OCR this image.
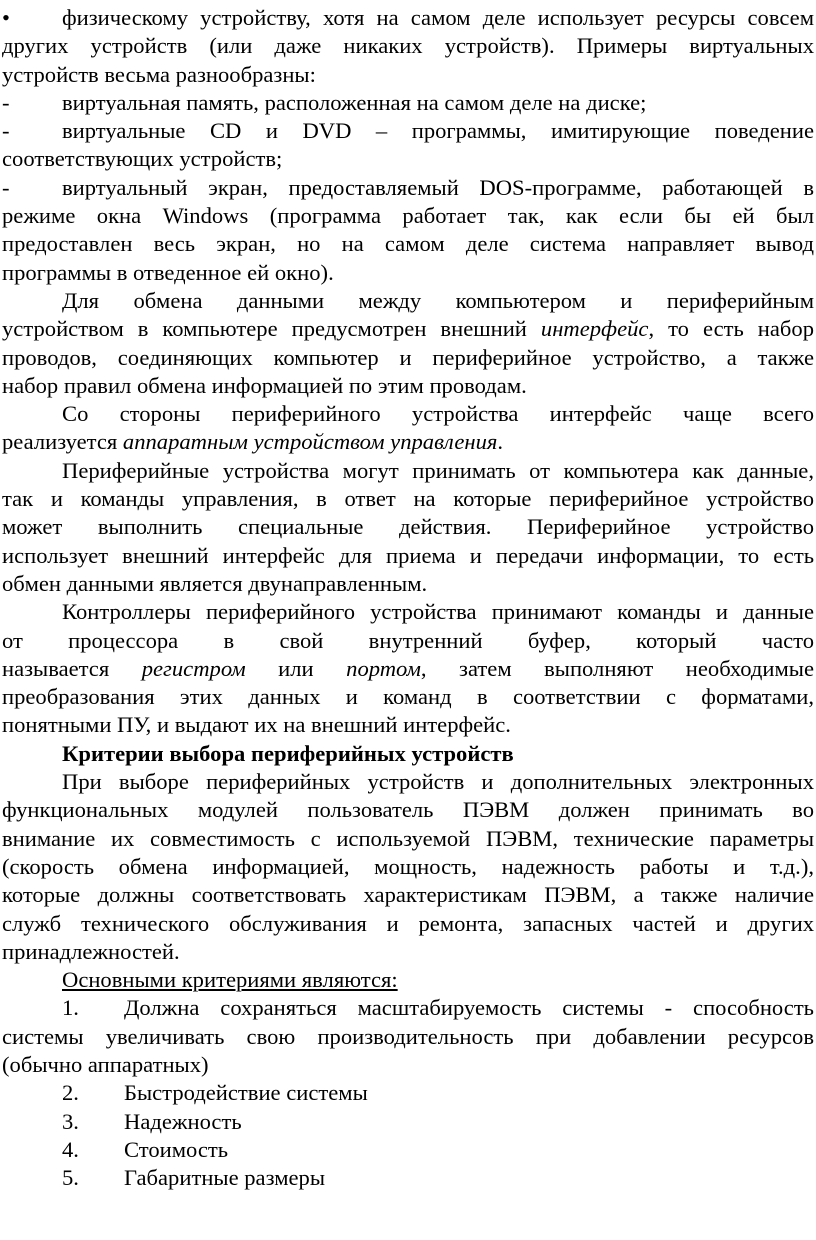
• физическому устройству, хотя на самом деле использует ресурсы совсем
других устройств (или даже никаких устройств). Примеры виртуальных
устройств весьма разнообразны:
- виртуальная память, расположенная на самом деле на диске;
- виртуальные CD и DVD – программы, имитирующие поведение
соответствующих устройств;
- виртуальный экран, предоставляемый DOS-программе, работающей в
режиме окна Windows (программа работает так, как если бы ей был
предоставлен весь экран, но на самом деле система направляет вывод
программы в отведенное ей окно).
Для обмена данными между компьютером и периферийным
устройством в компьютере предусмотрен внешний интерфейс, то есть набор
проводов, соединяющих компьютер и периферийное устройство, а также
набор правил обмена информацией по этим проводам.
Со стороны периферийного устройства интерфейс чаще всего
реализуется аппаратным устройством управления.
Периферийные устройства могут принимать от компьютера как данные,
так и команды управления, в ответ на которые периферийное устройство
может выполнить специальные действия. Периферийное устройство
использует внешний интерфейс для приема и передачи информации, то есть
обмен данными является двунаправленным.
Контроллеры периферийного устройства принимают команды и данные
от процессора в свой внутренний буфер, который часто
называется регистром или портом, затем выполняют необходимые
преобразования этих данных и команд в соответствии с форматами,
понятными ПУ, и выдают их на внешний интерфейс.
Критерии выбора периферийных устройств
При выборе периферийных устройств и дополнительных электронных
функциональных модулей пользователь ПЭВМ должен принимать во
внимание их совместимость с используемой ПЭВМ, технические параметры
(скорость обмена информацией, мощность, надежность работы и т.д.),
которые должны соответствовать характеристикам ПЭВМ, а также наличие
служб технического обслуживания и ремонта, запасных частей и других
принадлежностей.
Основными критериями являются:
1. Должна сохраняться масштабируемость системы - способность
системы увеличивать свою производительность при добавлении ресурсов
(обычно аппаратных)
2. Быстродействие системы
3. Надежность
4. Стоимость
5. Габаритные размеры
